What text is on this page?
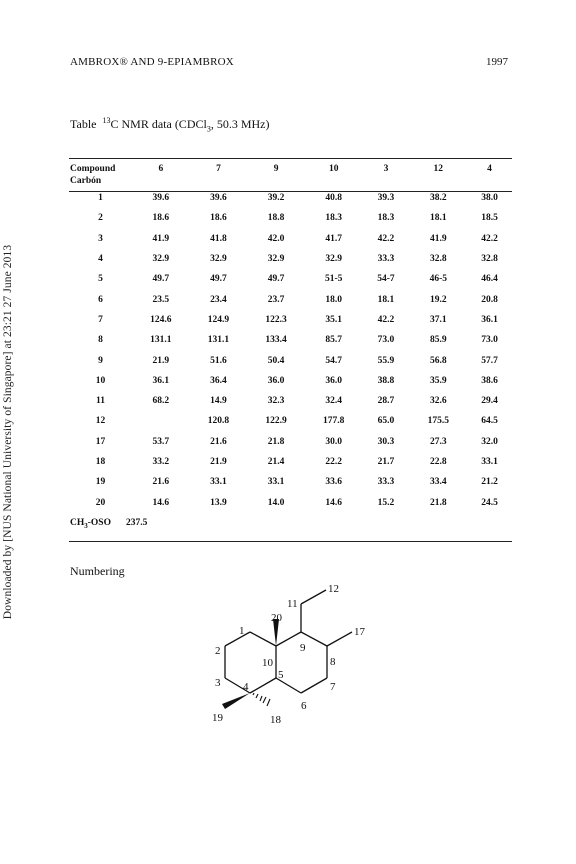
Downloaded by [NUS National University of Singapore] at 23:21 27 June 2013
AMBROX® AND 9-EPIAMBROX	1997
Table $^{13}$C NMR data (CDCl$_3$, 50.3 MHz)
Compound	6	7	9	10	3	12	4
Carbón							
1	39.6	39.6	39.2	40.8	39.3	38.2	38.0
2	18.6	18.6	18.8	18.3	18.3	18.1	18.5
3	41.9	41.8	42.0	41.7	42.2	41.9	42.2
4	32.9	32.9	32.9	32.9	33.3	32.8	32.8
5	49.7	49.7	49.7	51-5	54-7	46-5	46.4
6	23.5	23.4	23.7	18.0	18.1	19.2	20.8
7	124.6	124.9	122.3	35.1	42.2	37.1	36.1
8	131.1	131.1	133.4	85.7	73.0	85.9	73.0
9	21.9	51.6	50.4	54.7	55.9	56.8	57.7
10	36.1	36.4	36.0	36.0	38.8	35.9	38.6
11	68.2	14.9	32.3	32.4	28.7	32.6	29.4
12		120.8	122.9	177.8	65.0	175.5	64.5
17	53.7	21.6	21.8	30.0	30.3	27.3	32.0
18	33.2	21.9	21.4	22.2	21.7	22.8	33.1
19	21.6	33.1	33.1	33.6	33.3	33.4	21.2
20	14.6	13.9	14.0	14.6	15.2	21.8	24.5
$CH_3$-OSO 237.5
Numbering
1
2
3 4
5
6
7
8
9
10
11
12
17
18
19
20
